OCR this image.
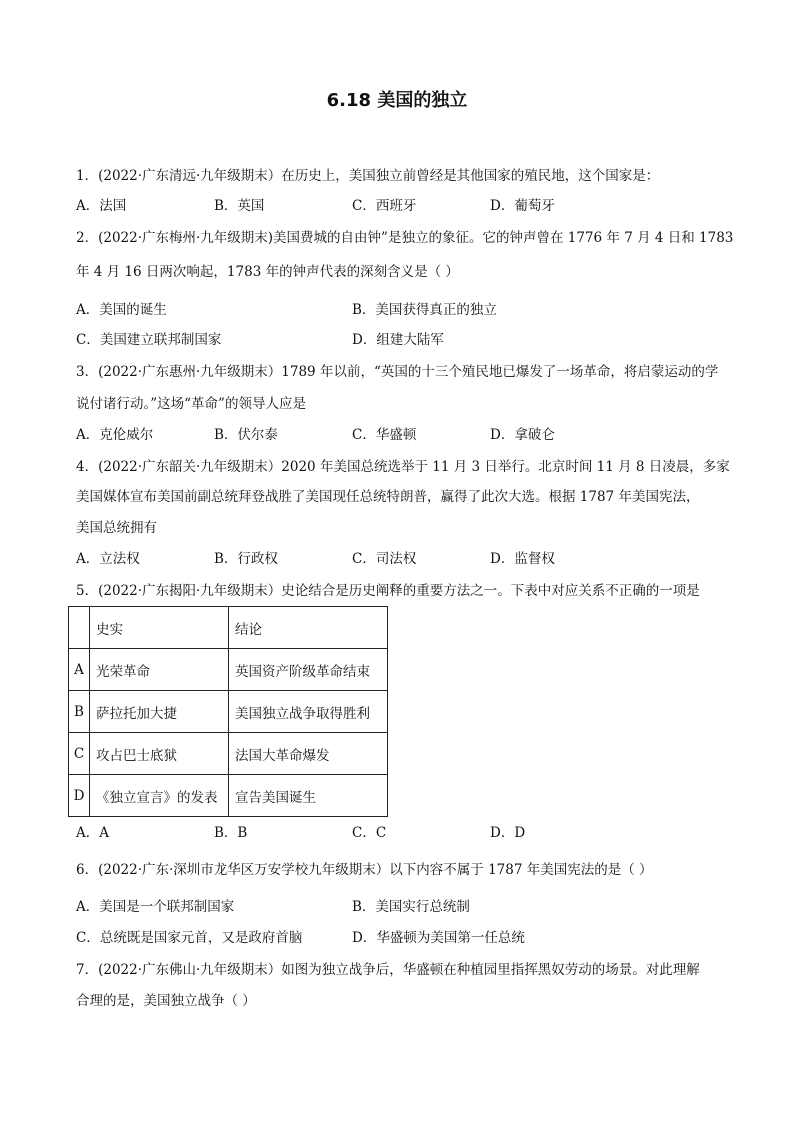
6.18 美国的独立
1．(2022·广东清远·九年级期末）在历史上，美国独立前曾经是其他国家的殖民地，这个国家是：
A．法国	B．英国	C．西班牙	D．葡萄牙
2．(2022·广东梅州·九年级期末)美国费城的自由钟”是独立的象征。它的钟声曾在 1776 年 7 月 4 日和 1783
年 4 月 16 日两次响起，1783 年的钟声代表的深刻含义是（ ）
A．美国的诞生	B．美国获得真正的独立
C．美国建立联邦制国家	D．组建大陆军
3．(2022·广东惠州·九年级期末）1789 年以前，“英国的十三个殖民地已爆发了一场革命，将启蒙运动的学
说付诸行动。”这场“革命”的领导人应是
A．克伦威尔	B．伏尔泰	C．华盛顿	D．拿破仑
4．(2022·广东韶关·九年级期末）2020 年美国总统选举于 11 月 3 日举行。北京时间 11 月 8 日凌晨，多家
美国媒体宣布美国前副总统拜登战胜了美国现任总统特朗普，赢得了此次大选。根据 1787 年美国宪法，
美国总统拥有
A．立法权	B．行政权	C．司法权	D．监督权
5．(2022·广东揭阳·九年级期末）史论结合是历史阐释的重要方法之一。下表中对应关系不正确的一项是
	史实	结论
A	光荣革命	英国资产阶级革命结束
B	萨拉托加大捷	美国独立战争取得胜利
C	攻占巴士底狱	法国大革命爆发
D	《独立宣言》的发表	宣告美国诞生
A．A	B．B	C．C	D．D
6．(2022·广东·深圳市龙华区万安学校九年级期末）以下内容不属于 1787 年美国宪法的是（ ）
A．美国是一个联邦制国家	B．美国实行总统制
C．总统既是国家元首，又是政府首脑	D．华盛顿为美国第一任总统
7．(2022·广东佛山·九年级期末）如图为独立战争后，华盛顿在种植园里指挥黑奴劳动的场景。对此理解
合理的是，美国独立战争（ ）
